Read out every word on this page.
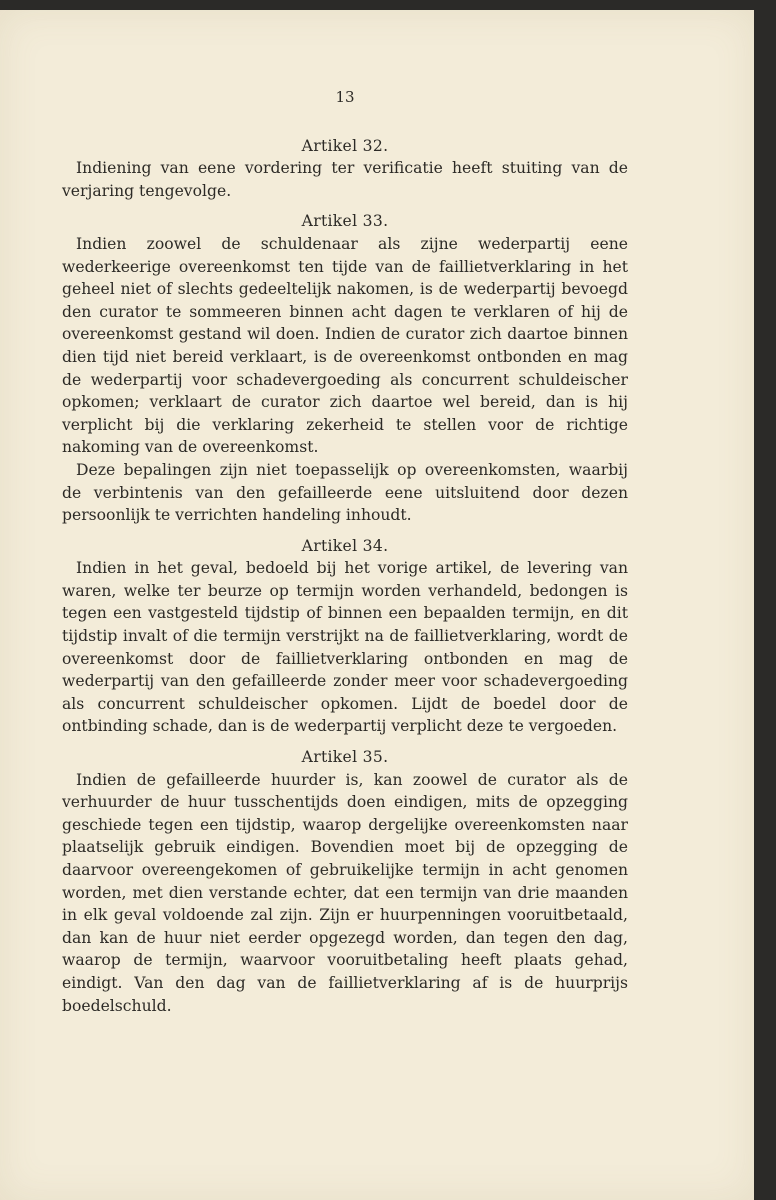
13
Artikel 32.

Indiening van eene vordering ter verificatie heeft stuiting van de verjaring tengevolge.

Artikel 33.

Indien zoowel de schuldenaar als zijne wederpartij eene wederkeerige overeenkomst ten tijde van de faillietverklaring in het geheel niet of slechts gedeeltelijk nakomen, is de wederpartij bevoegd den curator te sommeeren binnen acht dagen te verklaren of hij de overeenkomst gestand wil doen. Indien de curator zich daartoe binnen dien tijd niet bereid verklaart, is de overeenkomst ontbonden en mag de wederpartij voor schadevergoeding als concurrent schuldeischer opkomen; verklaart de curator zich daartoe wel bereid, dan is hij verplicht bij die verklaring zekerheid te stellen voor de richtige nakoming van de overeenkomst.

Deze bepalingen zijn niet toepasselijk op overeenkomsten, waarbij de verbintenis van den gefailleerde eene uitsluitend door dezen persoonlijk te verrichten handeling inhoudt.

Artikel 34.

Indien in het geval, bedoeld bij het vorige artikel, de levering van waren, welke ter beurze op termijn worden verhandeld, bedongen is tegen een vastgesteld tijdstip of binnen een bepaalden termijn, en dit tijdstip invalt of die termijn verstrijkt na de faillietverklaring, wordt de overeenkomst door de faillietverklaring ontbonden en mag de wederpartij van den gefailleerde zonder meer voor schadevergoeding als concurrent schuldeischer opkomen. Lijdt de boedel door de ontbinding schade, dan is de wederpartij verplicht deze te vergoeden.

Artikel 35.

Indien de gefailleerde huurder is, kan zoowel de curator als de verhuurder de huur tusschentijds doen eindigen, mits de opzegging geschiede tegen een tijdstip, waarop dergelijke overeenkomsten naar plaatselijk gebruik eindigen. Bovendien moet bij de opzegging de daarvoor overeengekomen of gebruikelijke termijn in acht genomen worden, met dien verstande echter, dat een termijn van drie maanden in elk geval voldoende zal zijn. Zijn er huurpenningen vooruitbetaald, dan kan de huur niet eerder opgezegd worden, dan tegen den dag, waarop de termijn, waarvoor vooruitbetaling heeft plaats gehad, eindigt. Van den dag van de faillietverklaring af is de huurprijs boedelschuld.
